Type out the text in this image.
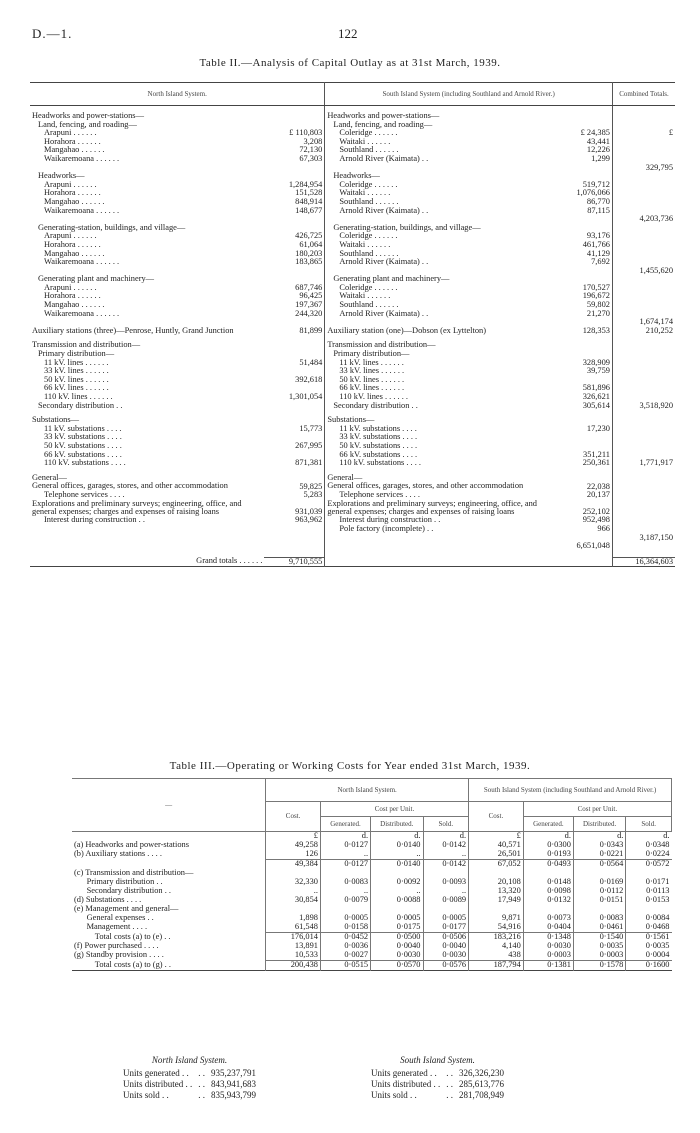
D.—1.	122
Table II.—Analysis of Capital Outlay as at 31st March, 1939.
North Island System.		South Island System (including Southland and Arnold River.)		Combined Totals.

Headworks and power-stations—		Headworks and power-stations—		
Land, fencing, and roading—		Land, fencing, and roading—		
Arapuni . . . . . .	£ 110,803	Coleridge . . . . . .	£ 24,385	£
Horahora . . . . . .	3,208	Waitaki . . . . . .	43,441	
Mangahao . . . . . .	72,130	Southland . . . . . .	12,226	
Waikaremoana . . . . . .	67,303	Arnold River (Kaimata) . .	1,299	
				329,795
Headworks—		Headworks—		
Arapuni . . . . . .	1,284,954	Coleridge . . . . . .	519,712	
Horahora . . . . . .	151,528	Waitaki . . . . . .	1,076,066	
Mangahao . . . . . .	848,914	Southland . . . . . .	86,770	
Waikaremoana . . . . . .	148,677	Arnold River (Kaimata) . .	87,115	
				4,203,736
Generating-station, buildings, and village—		Generating-station, buildings, and village—		
Arapuni . . . . . .	426,725	Coleridge . . . . . .	93,176	
Horahora . . . . . .	61,064	Waitaki . . . . . .	461,766	
Mangahao . . . . . .	180,203	Southland . . . . . .	41,129	
Waikaremoana . . . . . .	183,865	Arnold River (Kaimata) . .	7,692	
				1,455,620
Generating plant and machinery—		Generating plant and machinery—		
Arapuni . . . . . .	687,746	Coleridge . . . . . .	170,527	
Horahora . . . . . .	96,425	Waitaki . . . . . .	196,672	
Mangahao . . . . . .	197,367	Southland . . . . . .	59,802	
Waikaremoana . . . . . .	244,320	Arnold River (Kaimata) . .	21,270	
				1,674,174
Auxiliary stations (three)—Penrose, Huntly, Grand Junction	81,899	Auxiliary station (one)—Dobson (ex Lyttelton)	128,353	210,252

Transmission and distribution—		Transmission and distribution—		
Primary distribution—		Primary distribution—		
11 kV. lines . . . . . .	51,484	11 kV. lines . . . . . .	328,909	
33 kV. lines . . . . . .		33 kV. lines . . . . . .	39,759	
50 kV. lines . . . . . .	392,618	50 kV. lines . . . . . .		
66 kV. lines . . . . . .		66 kV. lines . . . . . .	581,896	
110 kV. lines . . . . . .	1,301,054	110 kV. lines . . . . . .	326,621	
Secondary distribution . .		Secondary distribution . .	305,614	3,518,920

Substations—		Substations—		
11 kV. substations . . . .	15,773	11 kV. substations . . . .	17,230	
33 kV. substations . . . .		33 kV. substations . . . .		
50 kV. substations . . . .	267,995	50 kV. substations . . . .		
66 kV. substations . . . .		66 kV. substations . . . .	351,211	
110 kV. substations . . . .	871,381	110 kV. substations . . . .	250,361	1,771,917

General—		General—		
General offices, garages, stores, and other accommodation	59,825	General offices, garages, stores, and other accommodation	22,038	
Telephone services . . . .	5,283	Telephone services . . . .	20,137	
Explorations and preliminary surveys; engineering, office, and general expenses; charges and expenses of raising loans	931,039	Explorations and preliminary surveys; engineering, office, and general expenses; charges and expenses of raising loans	252,102	
Interest during construction . .	963,962	Interest during construction . .	952,498	
		Pole factory (incomplete) . .	966	
				3,187,150
			6,651,048	

Grand totals . . . . . .	9,710,555			16,364,603
Table III.—Operating or Working Costs for Year ended 31st March, 1939.
—	North Island System.				South Island System (including Southland and Arnold River.)			
	Cost.	Cost per Unit.			Cost.	Cost per Unit.		
		Generated.	Distributed.	Sold.		Generated.	Distributed.	Sold.
	£	d.	d.	d.	£	d.	d.	d.
(a) Headworks and power-stations	49,258	0·0127	0·0140	0·0142	40,571	0·0300	0·0343	0·0348
(b) Auxiliary stations . . . .	126	..	..	..	26,501	0·0193	0·0221	0·0224
	49,384	0·0127	0·0140	0·0142	67,052	0·0493	0·0564	0·0572
(c) Transmission and distribution—								
Primary distribution . .	32,330	0·0083	0·0092	0·0093	20,108	0·0148	0·0169	0·0171
Secondary distribution . .	..	..	..	..	13,320	0·0098	0·0112	0·0113
(d) Substations . . . .	30,854	0·0079	0·0088	0·0089	17,949	0·0132	0·0151	0·0153
(e) Management and general—								
General expenses . .	1,898	0·0005	0·0005	0·0005	9,871	0·0073	0·0083	0·0084
Management . . . .	61,548	0·0158	0·0175	0·0177	54,916	0·0404	0·0461	0·0468
Total costs (a) to (e) . .	176,014	0·0452	0·0500	0·0506	183,216	0·1348	0·1540	0·1561
(f) Power purchased . . . .	13,891	0·0036	0·0040	0·0040	4,140	0·0030	0·0035	0·0035
(g) Standby provision . . . .	10,533	0·0027	0·0030	0·0030	438	0·0003	0·0003	0·0004
Total costs (a) to (g) . .	200,438	0·0515	0·0570	0·0576	187,794	0·1381	0·1578	0·1600
North Island System.
Units generated . .	. .	935,237,791
Units distributed . .	. .	843,941,683
Units sold . .	. .	835,943,799
South Island System.
Units generated . .	. .	326,326,230
Units distributed . .	. .	285,613,776
Units sold . .	. .	281,708,949
